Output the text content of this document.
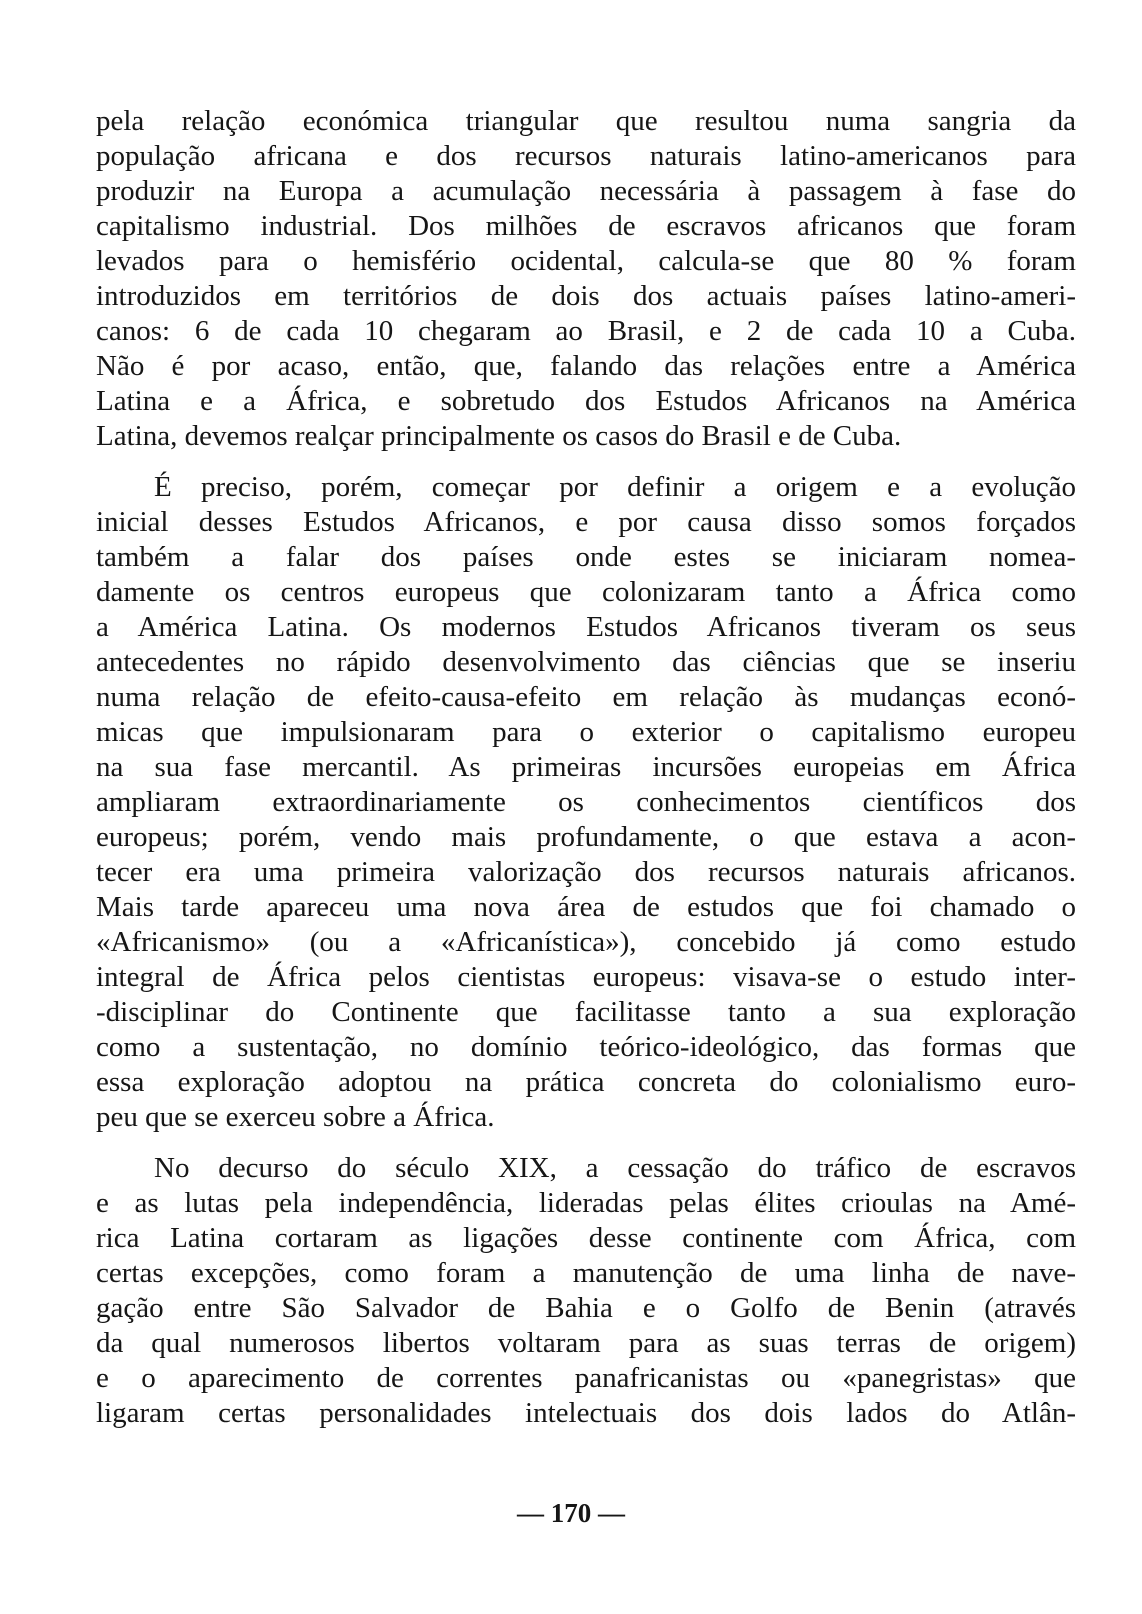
pela relação económica triangular que resultou numa sangria da
população africana e dos recursos naturais latino-americanos para
produzir na Europa a acumulação necessária à passagem à fase do
capitalismo industrial. Dos milhões de escravos africanos que foram
levados para o hemisfério ocidental, calcula-se que 80 % foram
introduzidos em territórios de dois dos actuais países latino-ameri-
canos: 6 de cada 10 chegaram ao Brasil, e 2 de cada 10 a Cuba.
Não é por acaso, então, que, falando das relações entre a América
Latina e a África, e sobretudo dos Estudos Africanos na América
Latina, devemos realçar principalmente os casos do Brasil e de Cuba.
É preciso, porém, começar por definir a origem e a evolução
inicial desses Estudos Africanos, e por causa disso somos forçados
também a falar dos países onde estes se iniciaram nomea-
damente os centros europeus que colonizaram tanto a África como
a América Latina. Os modernos Estudos Africanos tiveram os seus
antecedentes no rápido desenvolvimento das ciências que se inseriu
numa relação de efeito-causa-efeito em relação às mudanças econó-
micas que impulsionaram para o exterior o capitalismo europeu
na sua fase mercantil. As primeiras incursões europeias em África
ampliaram extraordinariamente os conhecimentos científicos dos
europeus; porém, vendo mais profundamente, o que estava a acon-
tecer era uma primeira valorização dos recursos naturais africanos.
Mais tarde apareceu uma nova área de estudos que foi chamado o
«Africanismo» (ou a «Africanística»), concebido já como estudo
integral de África pelos cientistas europeus: visava-se o estudo inter-
-disciplinar do Continente que facilitasse tanto a sua exploração
como a sustentação, no domínio teórico-ideológico, das formas que
essa exploração adoptou na prática concreta do colonialismo euro-
peu que se exerceu sobre a África.
No decurso do século XIX, a cessação do tráfico de escravos
e as lutas pela independência, lideradas pelas élites crioulas na Amé-
rica Latina cortaram as ligações desse continente com África, com
certas excepções, como foram a manutenção de uma linha de nave-
gação entre São Salvador de Bahia e o Golfo de Benin (através
da qual numerosos libertos voltaram para as suas terras de origem)
e o aparecimento de correntes panafricanistas ou «panegristas» que
ligaram certas personalidades intelectuais dos dois lados do Atlân-
— 170 —
